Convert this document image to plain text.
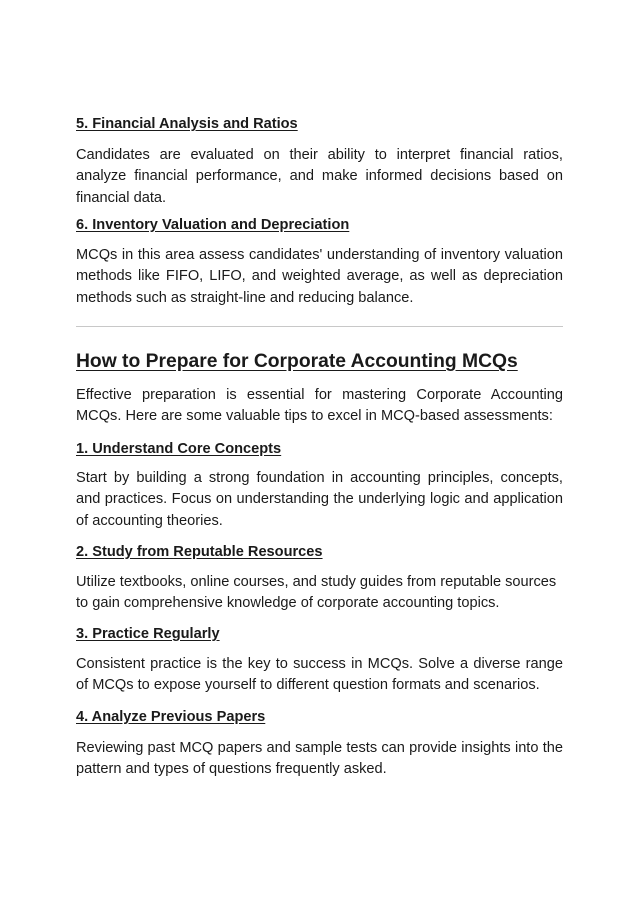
5. Financial Analysis and Ratios
Candidates are evaluated on their ability to interpret financial ratios, analyze financial performance, and make informed decisions based on financial data.
6. Inventory Valuation and Depreciation
MCQs in this area assess candidates' understanding of inventory valuation methods like FIFO, LIFO, and weighted average, as well as depreciation methods such as straight-line and reducing balance.
How to Prepare for Corporate Accounting MCQs
Effective preparation is essential for mastering Corporate Accounting MCQs. Here are some valuable tips to excel in MCQ-based assessments:
1. Understand Core Concepts
Start by building a strong foundation in accounting principles, concepts, and practices. Focus on understanding the underlying logic and application of accounting theories.
2. Study from Reputable Resources
Utilize textbooks, online courses, and study guides from reputable sources to gain comprehensive knowledge of corporate accounting topics.
3. Practice Regularly
Consistent practice is the key to success in MCQs. Solve a diverse range of MCQs to expose yourself to different question formats and scenarios.
4. Analyze Previous Papers
Reviewing past MCQ papers and sample tests can provide insights into the pattern and types of questions frequently asked.
